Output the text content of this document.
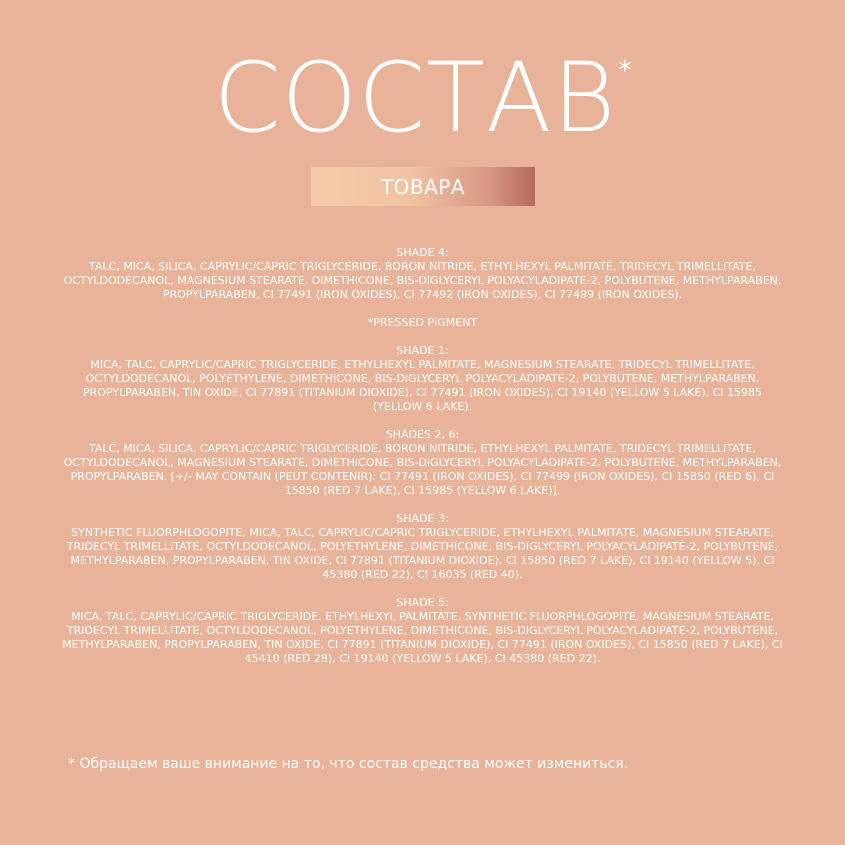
СОСТАВ*
ТОВАРА

SHADE 4:
TALC, MICA, SILICA, CAPRYLIC/CAPRIC TRIGLYCERIDE, BORON NITRIDE, ETHYLHEXYL PALMITATE, TRIDECYL TRIMELLITATE, OCTYLDODECANOL, MAGNESIUM STEARATE, DIMETHICONE, BIS-DIGLYCERYL POLYACYLADIPATE-2, POLYBUTENE, METHYLPARABEN, PROPYLPARABEN, CI 77491 (IRON OXIDES), CI 77492 (IRON OXIDES), CI 77499 (IRON OXIDES).

*PRESSED PIGMENT

SHADE 1:
MICA, TALC, CAPRYLIC/CAPRIC TRIGLYCERIDE, ETHYLHEXYL PALMITATE, MAGNESIUM STEARATE, TRIDECYL TRIMELLITATE, OCTYLDODECANOL, POLYETHYLENE, DIMETHICONE, BIS-DIGLYCERYL POLYACYLADIPATE-2, POLYBUTENE, METHYLPARABEN, PROPYLPARABEN, TIN OXIDE, CI 77891 (TITANIUM DIOXIDE), CI 77491 (IRON OXIDES), CI 19140 (YELLOW 5 LAKE), CI 15985 (YELLOW 6 LAKE).

SHADES 2, 6:
TALC, MICA, SILICA, CAPRYLIC/CAPRIC TRIGLYCERIDE, BORON NITRIDE, ETHYLHEXYL PALMITATE, TRIDECYL TRIMELLITATE, OCTYLDODECANOL, MAGNESIUM STEARATE, DIMETHICONE, BIS-DIGLYCERYL POLYACYLADIPATE-2, POLYBUTENE, METHYLPARABEN, PROPYLPARABEN. [+/- MAY CONTAIN (PEUT CONTENIR): CI 77491 (IRON OXIDES), CI 77499 (IRON OXIDES), CI 15850 (RED 6), CI 15850 (RED 7 LAKE), CI 15985 (YELLOW 6 LAKE)].

SHADE 3:
SYNTHETIC FLUORPHLOGOPITE, MICA, TALC, CAPRYLIC/CAPRIC TRIGLYCERIDE, ETHYLHEXYL PALMITATE, MAGNESIUM STEARATE, TRIDECYL TRIMELLITATE, OCTYLDODECANOL, POLYETHYLENE, DIMETHICONE, BIS-DIGLYCERYL POLYACYLADIPATE-2, POLYBUTENE, METHYLPARABEN, PROPYLPARABEN, TIN OXIDE, CI 77891 (TITANIUM DIOXIDE), CI 15850 (RED 7 LAKE), CI 19140 (YELLOW 5), CI 45380 (RED 22), CI 16035 (RED 40).

SHADE 5:
MICA, TALC, CAPRYLIC/CAPRIC TRIGLYCERIDE, ETHYLHEXYL PALMITATE, SYNTHETIC FLUORPHLOGOPITE, MAGNESIUM STEARATE, TRIDECYL TRIMELLITATE, OCTYLDODECANOL, POLYETHYLENE, DIMETHICONE, BIS-DIGLYCERYL POLYACYLADIPATE-2, POLYBUTENE, METHYLPARABEN, PROPYLPARABEN, TIN OXIDE, CI 77891 (TITANIUM DIOXIDE), CI 77491 (IRON OXIDES), CI 15850 (RED 7 LAKE), CI 45410 (RED 28), CI 19140 (YELLOW 5 LAKE), CI 45380 (RED 22).

* Обращаем ваше внимание на то, что состав средства может измениться.
